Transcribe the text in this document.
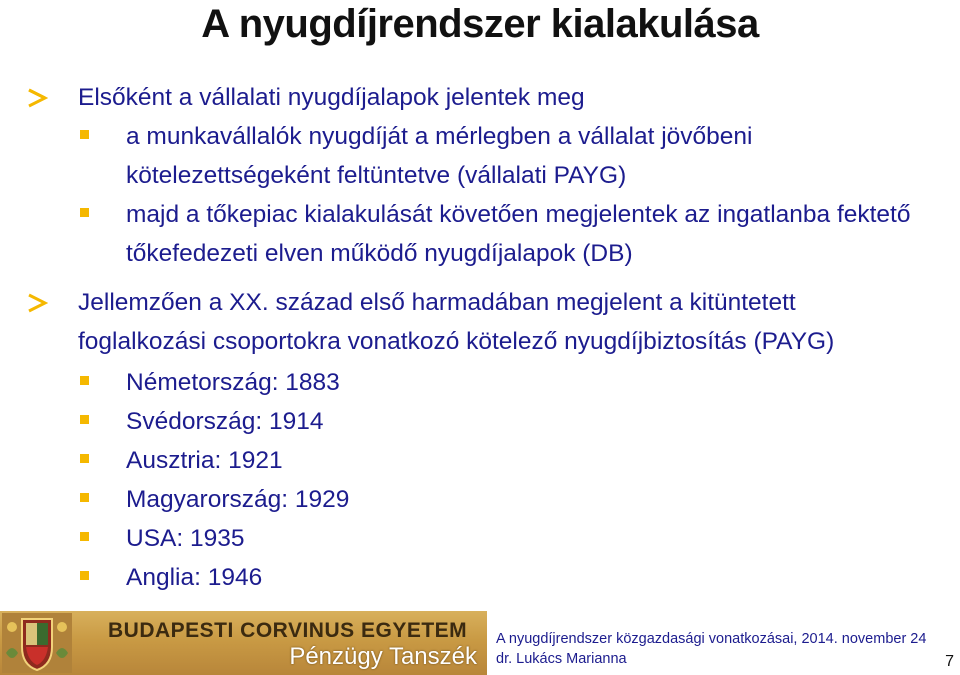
A nyugdíjrendszer kialakulása
Elsőként a vállalati nyugdíjalapok jelentek meg
a munkavállalók nyugdíját a mérlegben a vállalat jövőbeni
kötelezettségeként feltüntetve (vállalati PAYG)
majd a tőkepiac kialakulását követően megjelentek az ingatlanba fektető
tőkefedezeti elven működő nyugdíjalapok (DB)
Jellemzően a XX. század első harmadában megjelent a kitüntetett
foglalkozási csoportokra vonatkozó kötelező nyugdíjbiztosítás (PAYG)
Németország: 1883
Svédország: 1914
Ausztria: 1921
Magyarország: 1929
USA: 1935
Anglia: 1946
BUDAPESTI CORVINUS EGYETEM
Pénzügy Tanszék
A nyugdíjrendszer közgazdasági vonatkozásai, 2014. november 24
dr. Lukács Marianna	7
